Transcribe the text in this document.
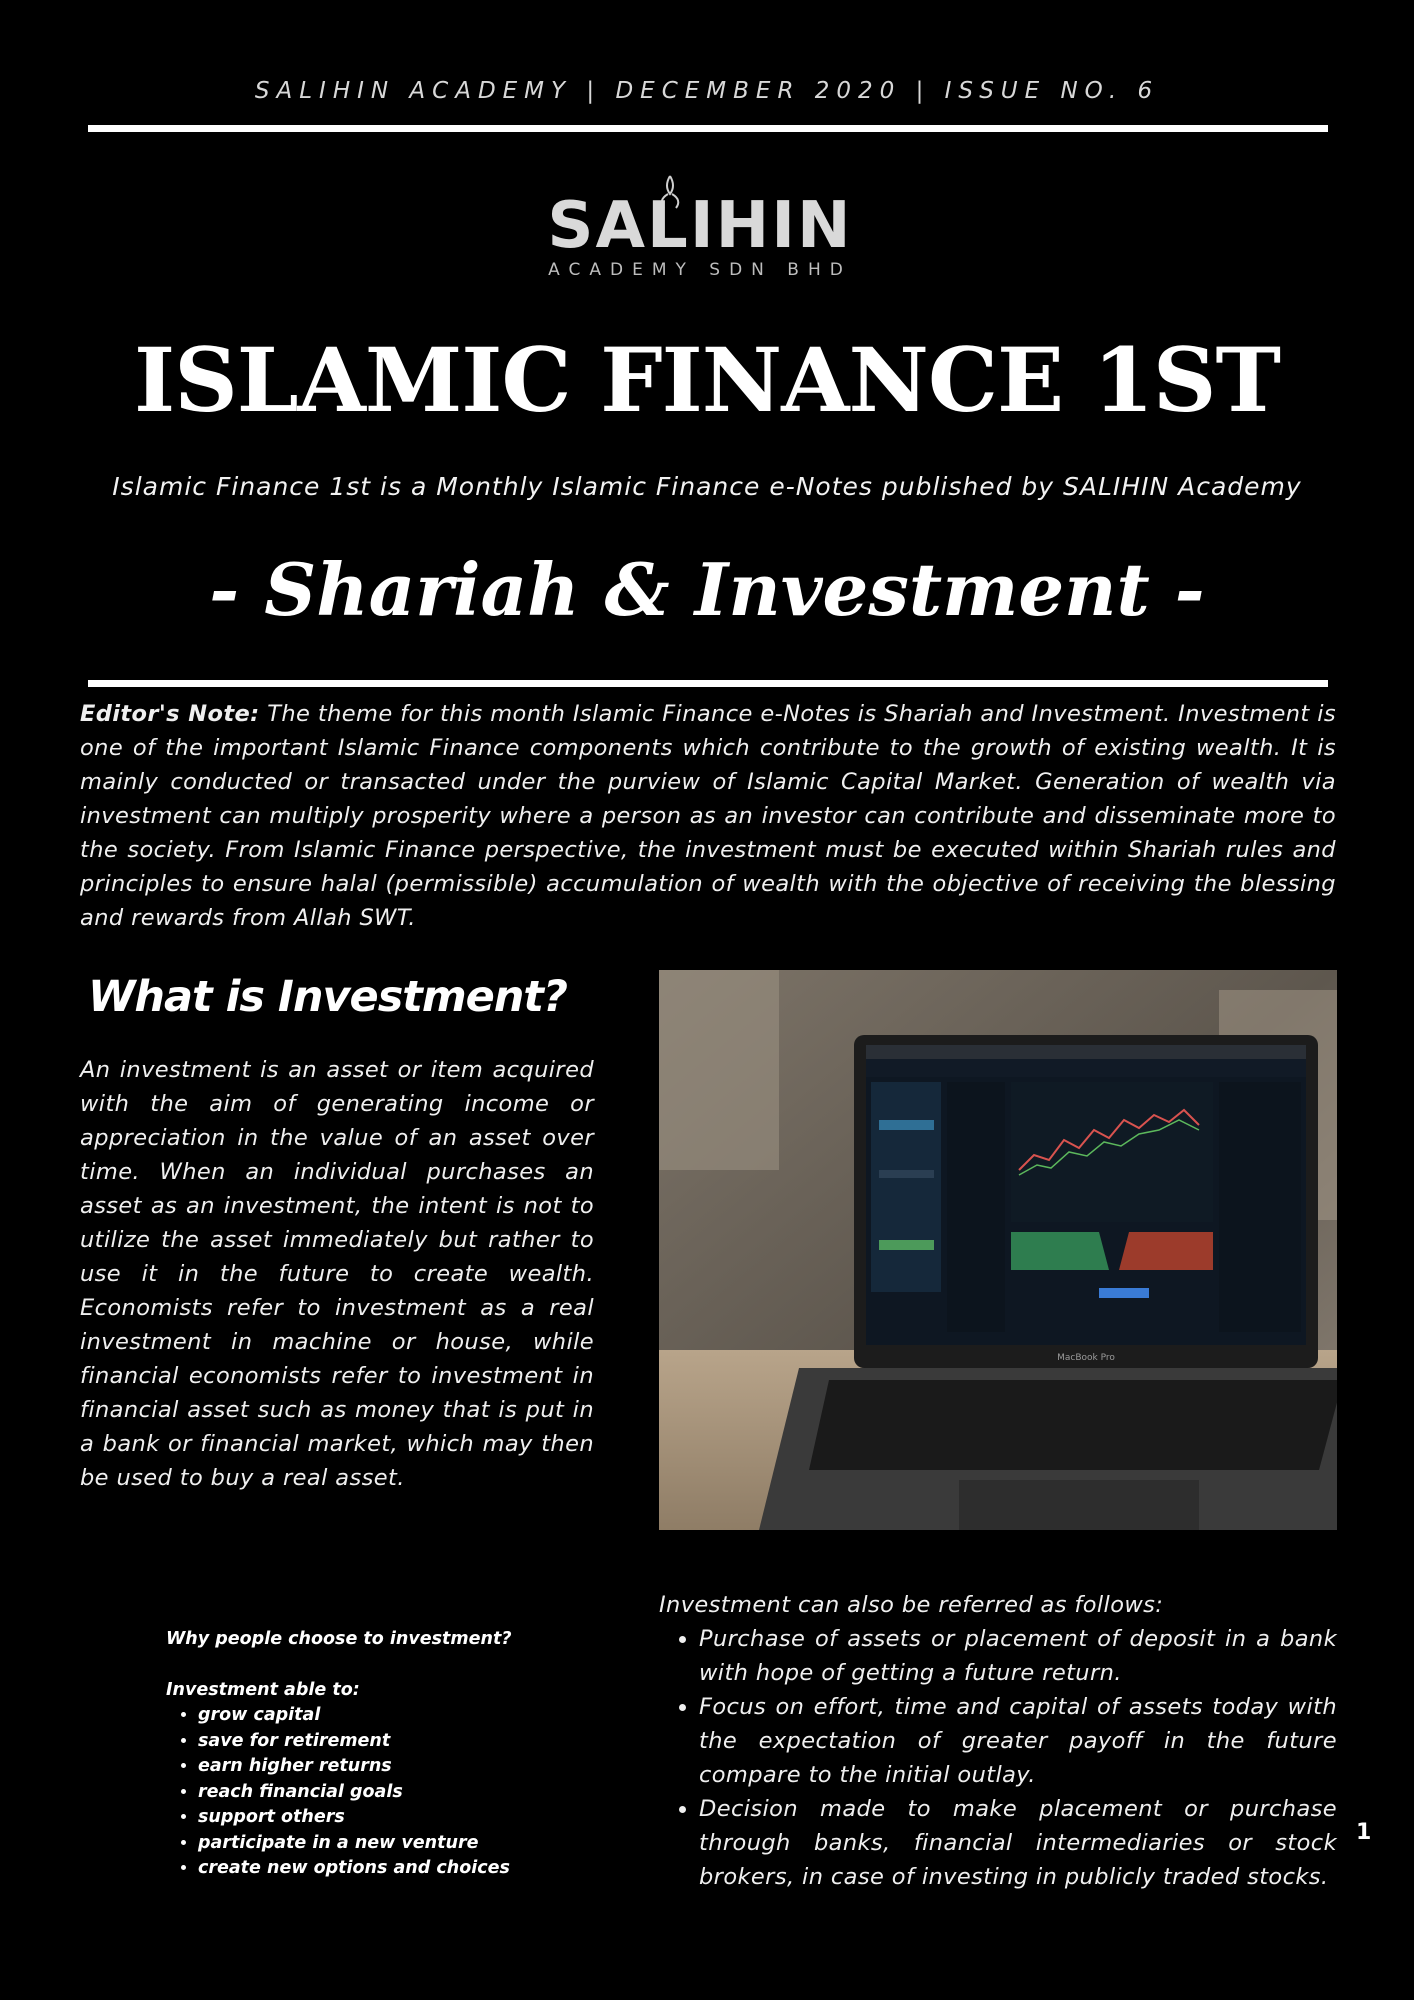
SALIHIN ACADEMY | DECEMBER 2020 | ISSUE NO. 6
SALIHIN
ACADEMY SDN BHD
ISLAMIC FINANCE 1ST
Islamic Finance 1st is a Monthly Islamic Finance e-Notes published by SALIHIN Academy
- Shariah & Investment -
Editor's Note: The theme for this month Islamic Finance e-Notes is Shariah and Investment. Investment is one of the important Islamic Finance components which contribute to the growth of existing wealth. It is mainly conducted or transacted under the purview of Islamic Capital Market. Generation of wealth via investment can multiply prosperity where a person as an investor can contribute and disseminate more to the society. From Islamic Finance perspective, the investment must be executed within Shariah rules and principles to ensure halal (permissible) accumulation of wealth with the objective of receiving the blessing and rewards from Allah SWT.
What is Investment?
An investment is an asset or item acquired with the aim of generating income or appreciation in the value of an asset over time. When an individual purchases an asset as an investment, the intent is not to utilize the asset immediately but rather to use it in the future to create wealth. Economists refer to investment as a real investment in machine or house, while financial economists refer to investment in financial asset such as money that is put in a bank or financial market, which may then be used to buy a real asset.
MacBook Pro
Why people choose to investment?
Investment able to:
• grow capital
• save for retirement
• earn higher returns
• reach financial goals
• support others
• participate in a new venture
• create new options and choices
Investment can also be referred as follows:
• Purchase of assets or placement of deposit in a bank with hope of getting a future return.
• Focus on effort, time and capital of assets today with the expectation of greater payoff in the future compare to the initial outlay.
• Decision made to make placement or purchase through banks, financial intermediaries or stock brokers, in case of investing in publicly traded stocks.
1
